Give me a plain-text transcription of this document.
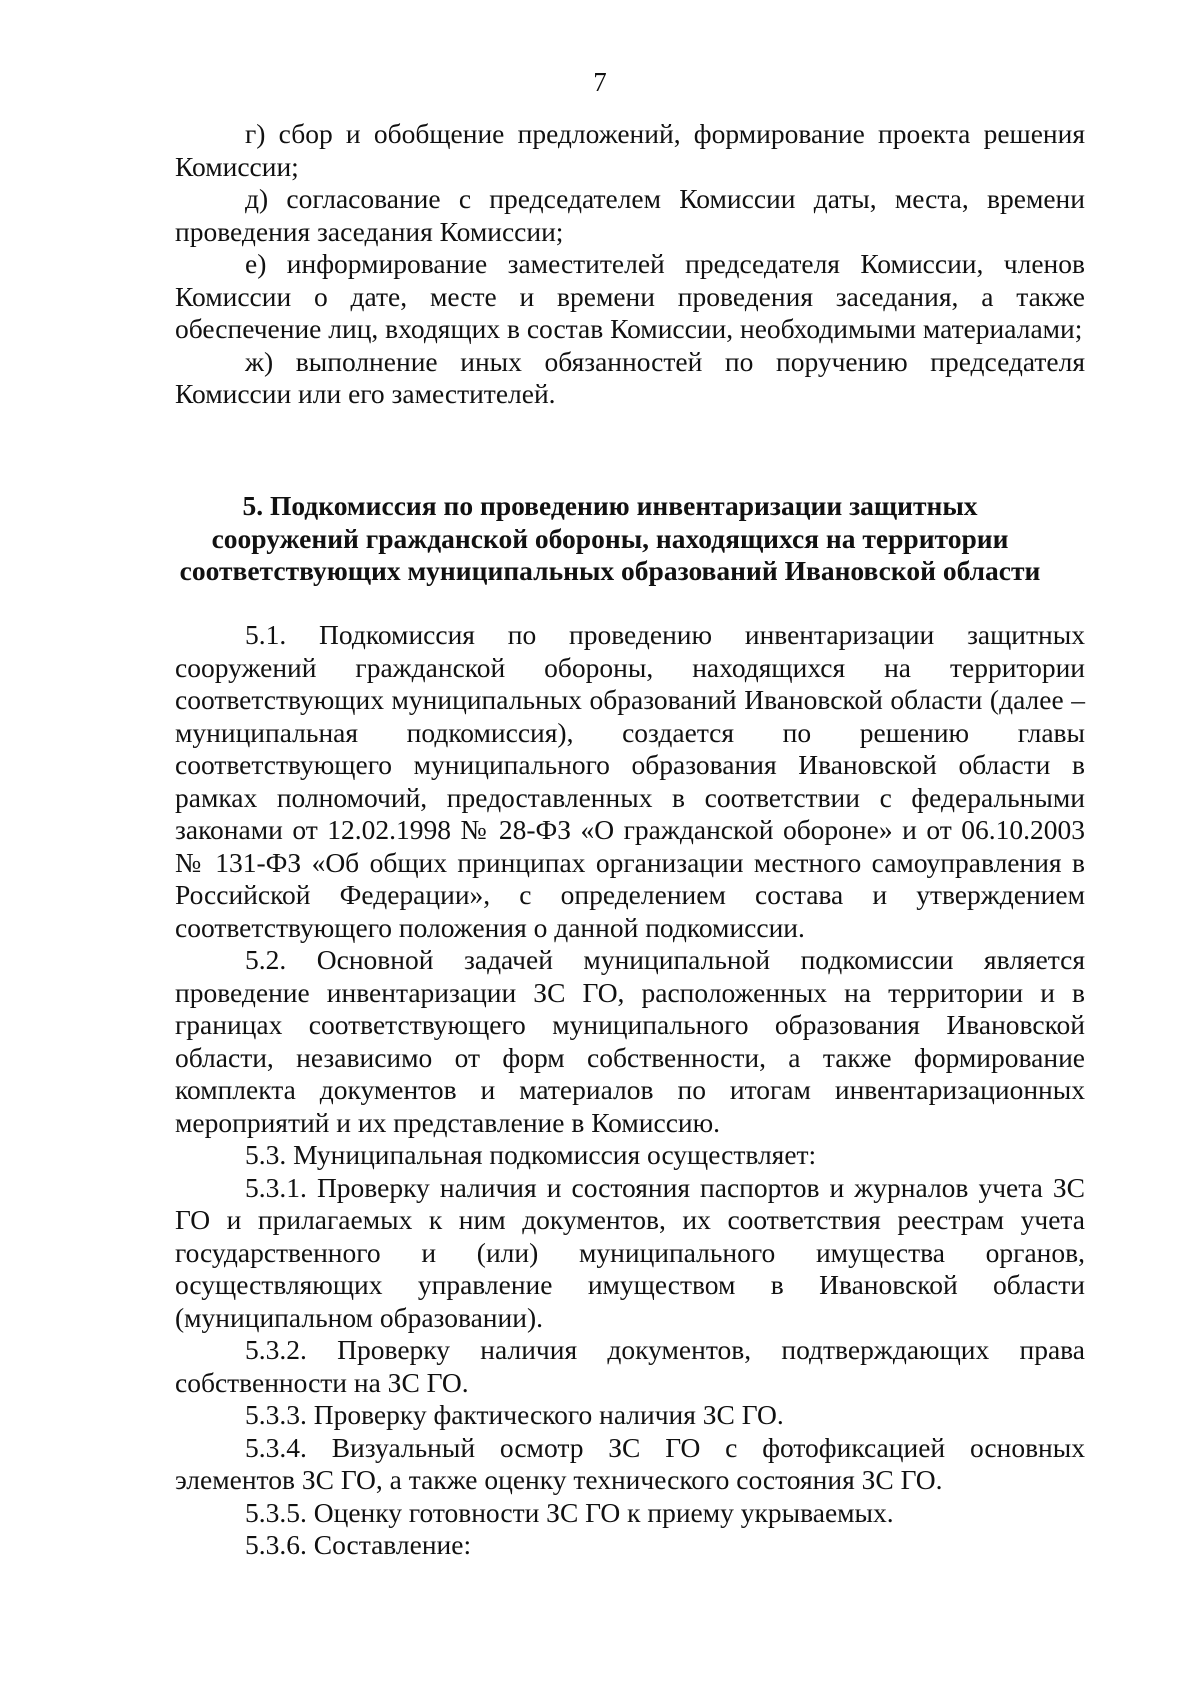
7

г) сбор и обобщение предложений, формирование проекта решения Комиссии;

д) согласование с председателем Комиссии даты, места, времени проведения заседания Комиссии;

е) информирование заместителей председателя Комиссии, членов Комиссии о дате, месте и времени проведения заседания, а также обеспечение лиц, входящих в состав Комиссии, необходимыми материалами;

ж) выполнение иных обязанностей по поручению председателя Комиссии или его заместителей.

5. Подкомиссия по проведению инвентаризации защитных
сооружений гражданской обороны, находящихся на территории
соответствующих муниципальных образований Ивановской области

5.1. Подкомиссия по проведению инвентаризации защитных сооружений гражданской обороны, находящихся на территории соответствующих муниципальных образований Ивановской области (далее – муниципальная подкомиссия), создается по решению главы соответствующего муниципального образования Ивановской области в рамках полномочий, предоставленных в соответствии с федеральными законами от 12.02.1998 № 28-ФЗ «О гражданской обороне» и от 06.10.2003 № 131-ФЗ «Об общих принципах организации местного самоуправления в Российской Федерации», с определением состава и утверждением соответствующего положения о данной подкомиссии.

5.2. Основной задачей муниципальной подкомиссии является проведение инвентаризации ЗС ГО, расположенных на территории и в границах соответствующего муниципального образования Ивановской области, независимо от форм собственности, а также формирование комплекта документов и материалов по итогам инвентаризационных мероприятий и их представление в Комиссию.

5.3. Муниципальная подкомиссия осуществляет:

5.3.1. Проверку наличия и состояния паспортов и журналов учета ЗС ГО и прилагаемых к ним документов, их соответствия реестрам учета государственного и (или) муниципального имущества органов, осуществляющих управление имуществом в Ивановской области (муниципальном образовании).

5.3.2. Проверку наличия документов, подтверждающих права собственности на ЗС ГО.

5.3.3. Проверку фактического наличия ЗС ГО.

5.3.4. Визуальный осмотр ЗС ГО с фотофиксацией основных элементов ЗС ГО, а также оценку технического состояния ЗС ГО.

5.3.5. Оценку готовности ЗС ГО к приему укрываемых.

5.3.6. Составление:
